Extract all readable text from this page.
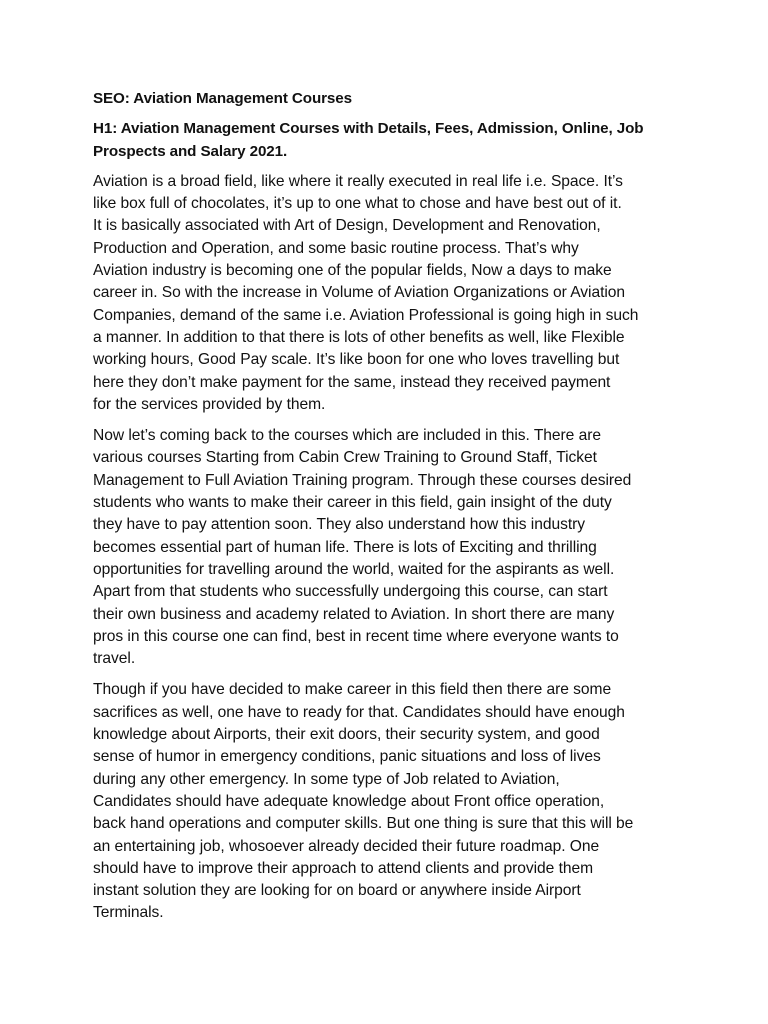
SEO: Aviation Management Courses

H1: Aviation Management Courses with Details, Fees, Admission, Online, Job

Prospects and Salary 2021.

Aviation is a broad field, like where it really executed in real life i.e. Space. It’s

like box full of chocolates, it’s up to one what to chose and have best out of it.

It is basically associated with Art of Design, Development and Renovation,

Production and Operation, and some basic routine process. That’s why

Aviation industry is becoming one of the popular fields, Now a days to make

career in. So with the increase in Volume of Aviation Organizations or Aviation

Companies, demand of the same i.e. Aviation Professional is going high in such

a manner. In addition to that there is lots of other benefits as well, like Flexible

working hours, Good Pay scale. It’s like boon for one who loves travelling but

here they don’t make payment for the same, instead they received payment

for the services provided by them.

Now let’s coming back to the courses which are included in this. There are

various courses Starting from Cabin Crew Training to Ground Staff, Ticket

Management to Full Aviation Training program. Through these courses desired

students who wants to make their career in this field, gain insight of the duty

they have to pay attention soon. They also understand how this industry

becomes essential part of human life. There is lots of Exciting and thrilling

opportunities for travelling around the world, waited for the aspirants as well.

Apart from that students who successfully undergoing this course, can start

their own business and academy related to Aviation. In short there are many

pros in this course one can find, best in recent time where everyone wants to

travel.

Though if you have decided to make career in this field then there are some

sacrifices as well, one have to ready for that. Candidates should have enough

knowledge about Airports, their exit doors, their security system, and good

sense of humor in emergency conditions, panic situations and loss of lives

during any other emergency. In some type of Job related to Aviation,

Candidates should have adequate knowledge about Front office operation,

back hand operations and computer skills. But one thing is sure that this will be

an entertaining job, whosoever already decided their future roadmap. One

should have to improve their approach to attend clients and provide them

instant solution they are looking for on board or anywhere inside Airport

Terminals.
